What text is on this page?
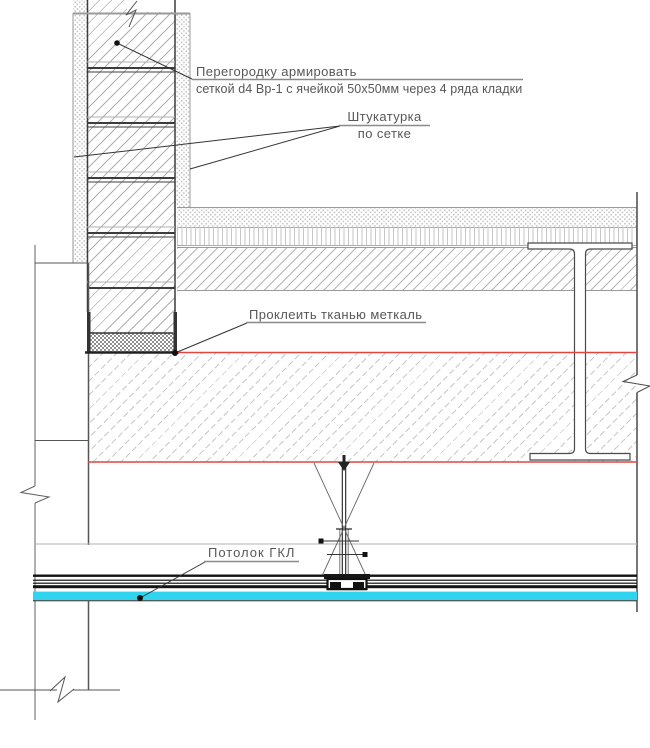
Перегородку армировать
сеткой d4 Вр-1 с ячейкой 50х50мм через 4 ряда кладки
Штукатурка
по сетке
Проклеить тканью меткаль
Потолок ГКЛ
